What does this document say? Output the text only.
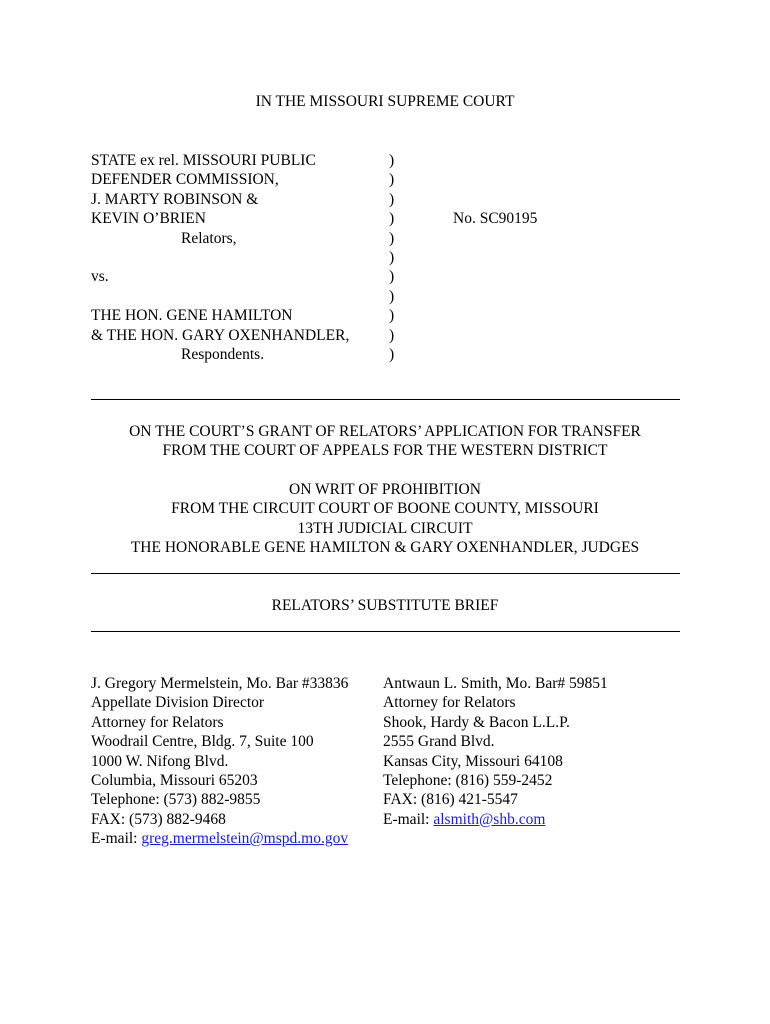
IN THE MISSOURI SUPREME COURT
STATE ex rel. MISSOURI PUBLIC
DEFENDER COMMISSION,
J. MARTY ROBINSON &
KEVIN O’BRIEN
Relators,
vs.
THE HON. GENE HAMILTON
& THE HON. GARY OXENHANDLER,
Respondents.
)
)
)
)
)
)
)
)
)
)
)
No. SC90195
ON THE COURT’S GRANT OF RELATORS’ APPLICATION FOR TRANSFER
FROM THE COURT OF APPEALS FOR THE WESTERN DISTRICT
ON WRIT OF PROHIBITION
FROM THE CIRCUIT COURT OF BOONE COUNTY, MISSOURI
13TH JUDICIAL CIRCUIT
THE HONORABLE GENE HAMILTON & GARY OXENHANDLER, JUDGES
RELATORS’ SUBSTITUTE BRIEF
J. Gregory Mermelstein, Mo. Bar #33836
Appellate Division Director
Attorney for Relators
Woodrail Centre, Bldg. 7, Suite 100
1000 W. Nifong Blvd.
Columbia, Missouri 65203
Telephone: (573) 882-9855
FAX: (573) 882-9468
E-mail: greg.mermelstein@mspd.mo.gov
Antwaun L. Smith, Mo. Bar# 59851
Attorney for Relators
Shook, Hardy & Bacon L.L.P.
2555 Grand Blvd.
Kansas City, Missouri 64108
Telephone: (816) 559-2452
FAX: (816) 421-5547
E-mail: alsmith@shb.com
